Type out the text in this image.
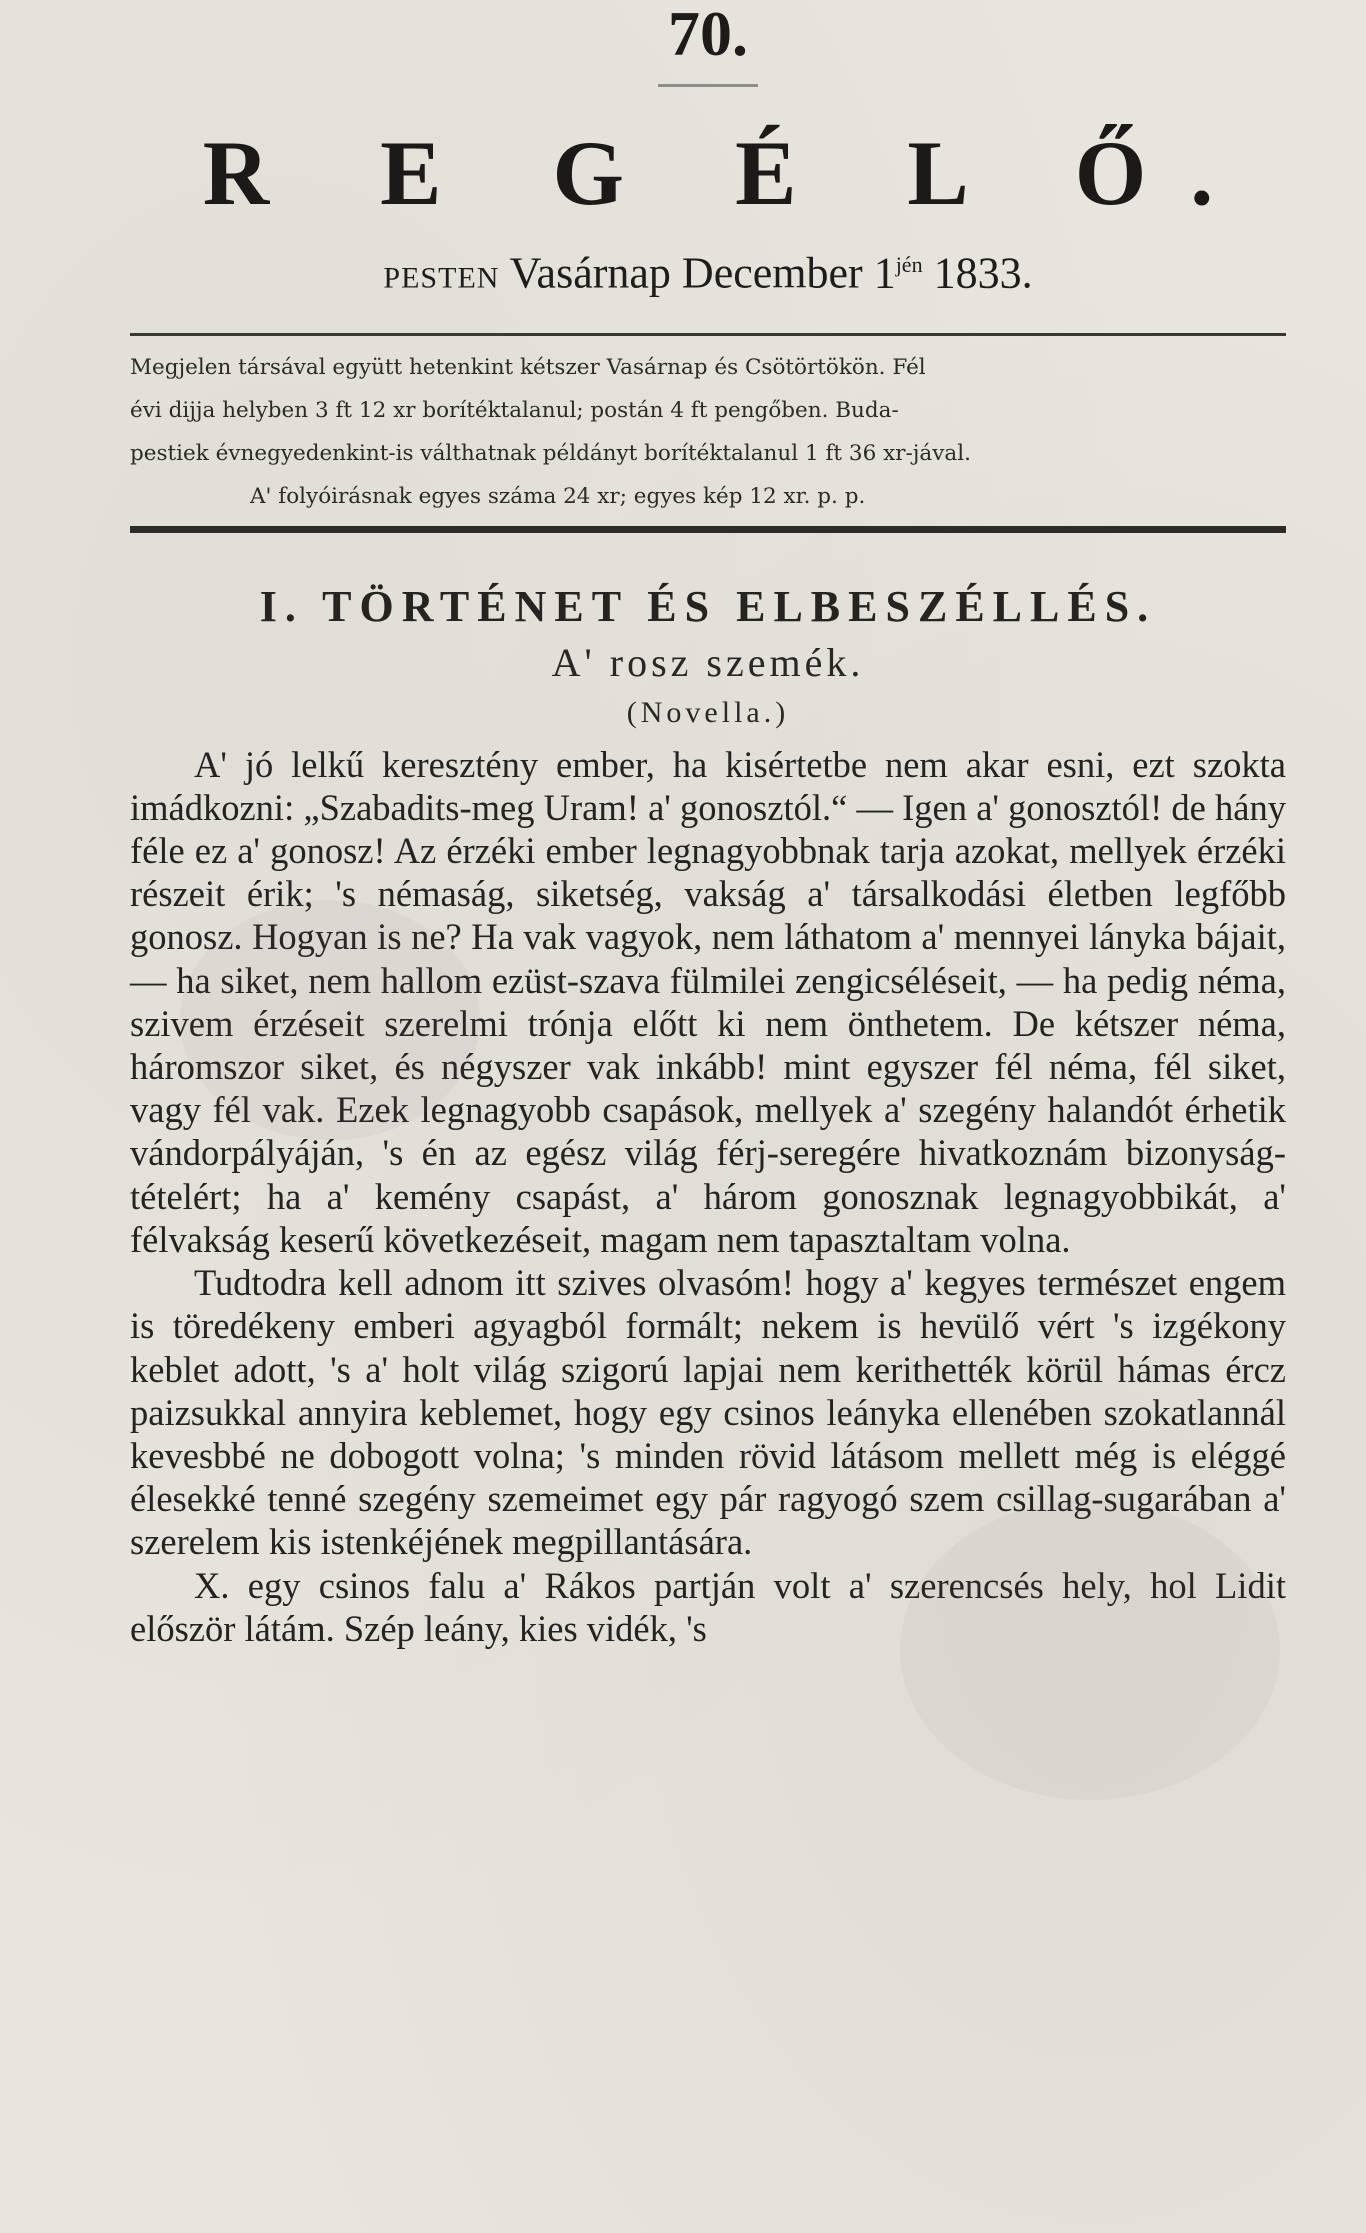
70.
R E G É L Ő.
PESTEN Vasárnap December $1^{jén}$ 1833.

Megjelen társával együtt hetenkint kétszer Vasárnap és Csötörtökön. Fél

évi dijja helyben 3 ft 12 xr borítéktalanul; postán 4 ft pengőben. Buda-

pestiek évnegyedenkint-is válthatnak példányt borítéktalanul 1 ft 36 xr-jával.

A' folyóirásnak egyes száma 24 xr; egyes kép 12 xr. p. p.

I. TÖRTÉNET ÉS ELBESZÉLLÉS.
A' rosz szemék.
(Novella.)

A' jó lelkű keresztény ember, ha kisértetbe nem akar esni, ezt szokta imádkozni: „Szabadits-meg Uram! a' gonosztól.“ — Igen a' gonosztól! de hány féle ez a' gonosz! Az érzéki ember legnagyobbnak tarja azokat, mellyek érzéki részeit érik; 's némaság, siketség, vakság a' társalkodási életben legfőbb gonosz. Hogyan is ne? Ha vak vagyok, nem láthatom a' mennyei lányka bájait, — ha siket, nem hallom ezüst-szava fülmilei zengicséléseit, — ha pedig néma, szivem érzéseit szerelmi trónja előtt ki nem önthetem. De kétszer néma, háromszor siket, és négyszer vak inkább! mint egyszer fél néma, fél siket, vagy fél vak. Ezek legnagyobb csapások, mellyek a' szegény halandót érhetik vándorpályáján, 's én az egész világ férj-seregére hivatkoznám bizonyság-tételért; ha a' kemény csapást, a' három gonosznak legnagyobbikát, a' félvakság keserű következéseit, magam nem tapasztaltam volna.

Tudtodra kell adnom itt szives olvasóm! hogy a' kegyes természet engem is töredékeny emberi agyagból formált; nekem is hevülő vért 's izgékony keblet adott, 's a' holt világ szigorú lapjai nem kerithették körül hámas ércz paizsukkal annyira keblemet, hogy egy csinos leányka ellenében szokatlannál kevesbbé ne dobogott volna; 's minden rövid látásom mellett még is eléggé élesekké tenné szegény szemeimet egy pár ragyogó szem csillag-sugarában a' szerelem kis istenkéjének megpillantására.

X. egy csinos falu a' Rákos partján volt a' szerencsés hely, hol Lidit először látám. Szép leány, kies vidék, 's
